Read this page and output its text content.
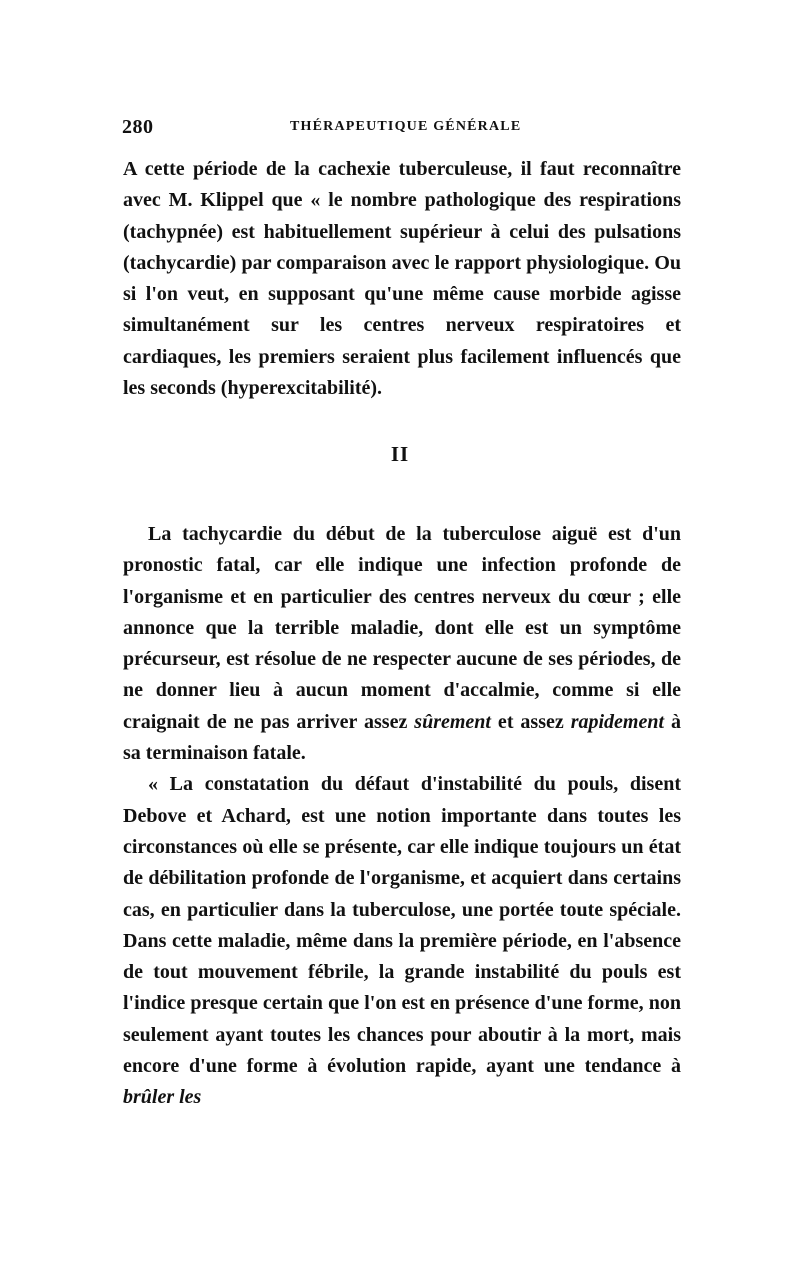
280	THÉRAPEUTIQUE GÉNÉRALE

A cette période de la cachexie tuberculeuse, il faut reconnaître avec M. Klippel que « le nombre pathologique des respirations (tachypnée) est habituellement supérieur à celui des pulsations (tachycardie) par comparaison avec le rapport physiologique. Ou si l'on veut, en supposant qu'une même cause morbide agisse simultanément sur les centres nerveux respiratoires et cardiaques, les premiers seraient plus facilement influencés que les seconds (hyperexcitabilité).

II

La tachycardie du début de la tuberculose aiguë est d'un pronostic fatal, car elle indique une infection profonde de l'organisme et en particulier des centres nerveux du cœur ; elle annonce que la terrible maladie, dont elle est un symptôme précurseur, est résolue de ne respecter aucune de ses périodes, de ne donner lieu à aucun moment d'accalmie, comme si elle craignait de ne pas arriver assez sûrement et assez rapidement à sa terminaison fatale.

« La constatation du défaut d'instabilité du pouls, disent Debove et Achard, est une notion importante dans toutes les circonstances où elle se présente, car elle indique toujours un état de débilitation profonde de l'organisme, et acquiert dans certains cas, en particulier dans la tuberculose, une portée toute spéciale. Dans cette maladie, même dans la première période, en l'absence de tout mouvement fébrile, la grande instabilité du pouls est l'indice presque certain que l'on est en présence d'une forme, non seulement ayant toutes les chances pour aboutir à la mort, mais encore d'une forme à évolution rapide, ayant une tendance à brûler les
